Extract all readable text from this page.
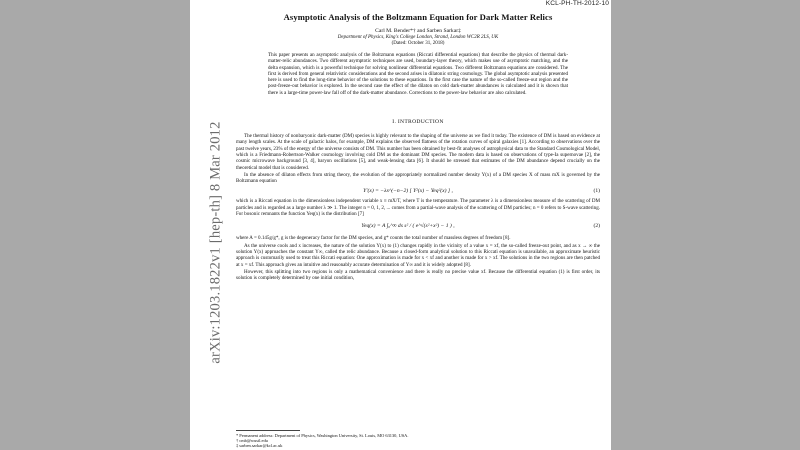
KCL-PH-TH-2012-10
Asymptotic Analysis of the Boltzmann Equation for Dark Matter Relics
Carl M. Bender*† and Sarben Sarkar‡
Department of Physics, King's College London, Strand, London WC2R 2LS, UK
(Dated: October 31, 2018)
This paper presents an asymptotic analysis of the Boltzmann equations (Riccati differential equations) that describe the physics of thermal dark-matter-relic abundances. Two different asymptotic techniques are used, boundary-layer theory, which makes use of asymptotic matching, and the delta expansion, which is a powerful technique for solving nonlinear differential equations. Two different Boltzmann equations are considered. The first is derived from general relativistic considerations and the second arises in dilatonic string cosmology. The global asymptotic analysis presented here is used to find the long-time behavior of the solutions to these equations. In the first case the nature of the so-called freeze-out region and the post-freeze-out behavior is explored. In the second case the effect of the dilaton on cold dark-matter abundances is calculated and it is shown that there is a large-time power-law fall off of the dark-matter abundance. Corrections to the power-law behavior are also calculated.
I. INTRODUCTION

The thermal history of nonbaryonic dark-matter (DM) species is highly relevant to the shaping of the universe as we find it today. The existence of DM is based on evidence at many length scales. At the scale of galactic halos, for example, DM explains the observed flatness of the rotation curves of spiral galaxies [1]. According to observations over the past twelve years, 23% of the energy of the universe consists of DM. This number has been obtained by best-fit analyses of astrophysical data to the Standard Cosmological Model, which is a Friedmann-Robertson-Walker cosmology involving cold DM as the dominant DM species. The modern data is based on observations of type-Ia supernovae [2], the cosmic microwave background [3, 4], baryon oscillations [5], and weak-lensing data [6]. It should be stressed that estimates of the DM abundance depend crucially on the theoretical model that is considered.

In the absence of dilaton effects from string theory, the evolution of the appropriately normalized number density Y(x) of a DM species X of mass mX is governed by the Boltzmann equation

Y′(x) = −λx^(−n−2) [ Y²(x) − Yeq²(x) ] ,	(1)

which is a Riccati equation in the dimensionless independent variable x ≡ mX/T, where T is the temperature. The parameter λ is a dimensionless measure of the scattering of DM particles and is regarded as a large number λ ≫ 1. The integer n = 0, 1, 2, ... comes from a partial-wave analysis of the scattering of DM particles; n = 0 refers to S-wave scattering. For bosonic remnants the function Yeq(x) is the distribution [7]

Yeq(x) = A ∫₀^∞ ds s² / ( e^√(s²+x²) − 1 ) ,	(2)

where A = 0.145g/g*, g is the degeneracy factor for the DM species, and g* counts the total number of massless degrees of freedom [8].

As the universe cools and x increases, the nature of the solution Y(x) to (1) changes rapidly in the vicinity of a value x = xf, the so-called freeze-out point, and as x → ∞ the solution Y(x) approaches the constant Y∞, called the relic abundance. Because a closed-form analytical solution to this Riccati equation is unavailable, an approximate heuristic approach is customarily used to treat this Riccati equation: One approximation is made for x < xf and another is made for x > xf. The solutions in the two regions are then patched at x = xf. This approach gives an intuitive and reasonably accurate determination of Y∞ and it is widely adopted [8].

However, this splitting into two regions is only a mathematical convenience and there is really no precise value xf. Because the differential equation (1) is first order, its solution is completely determined by one initial condition,

* Permanent address: Department of Physics, Washington University, St. Louis, MO 63130, USA.
† cmb@wustl.edu
‡ sarben.sarkar@kcl.ac.uk
arXiv:1203.1822v1 [hep-th] 8 Mar 2012
